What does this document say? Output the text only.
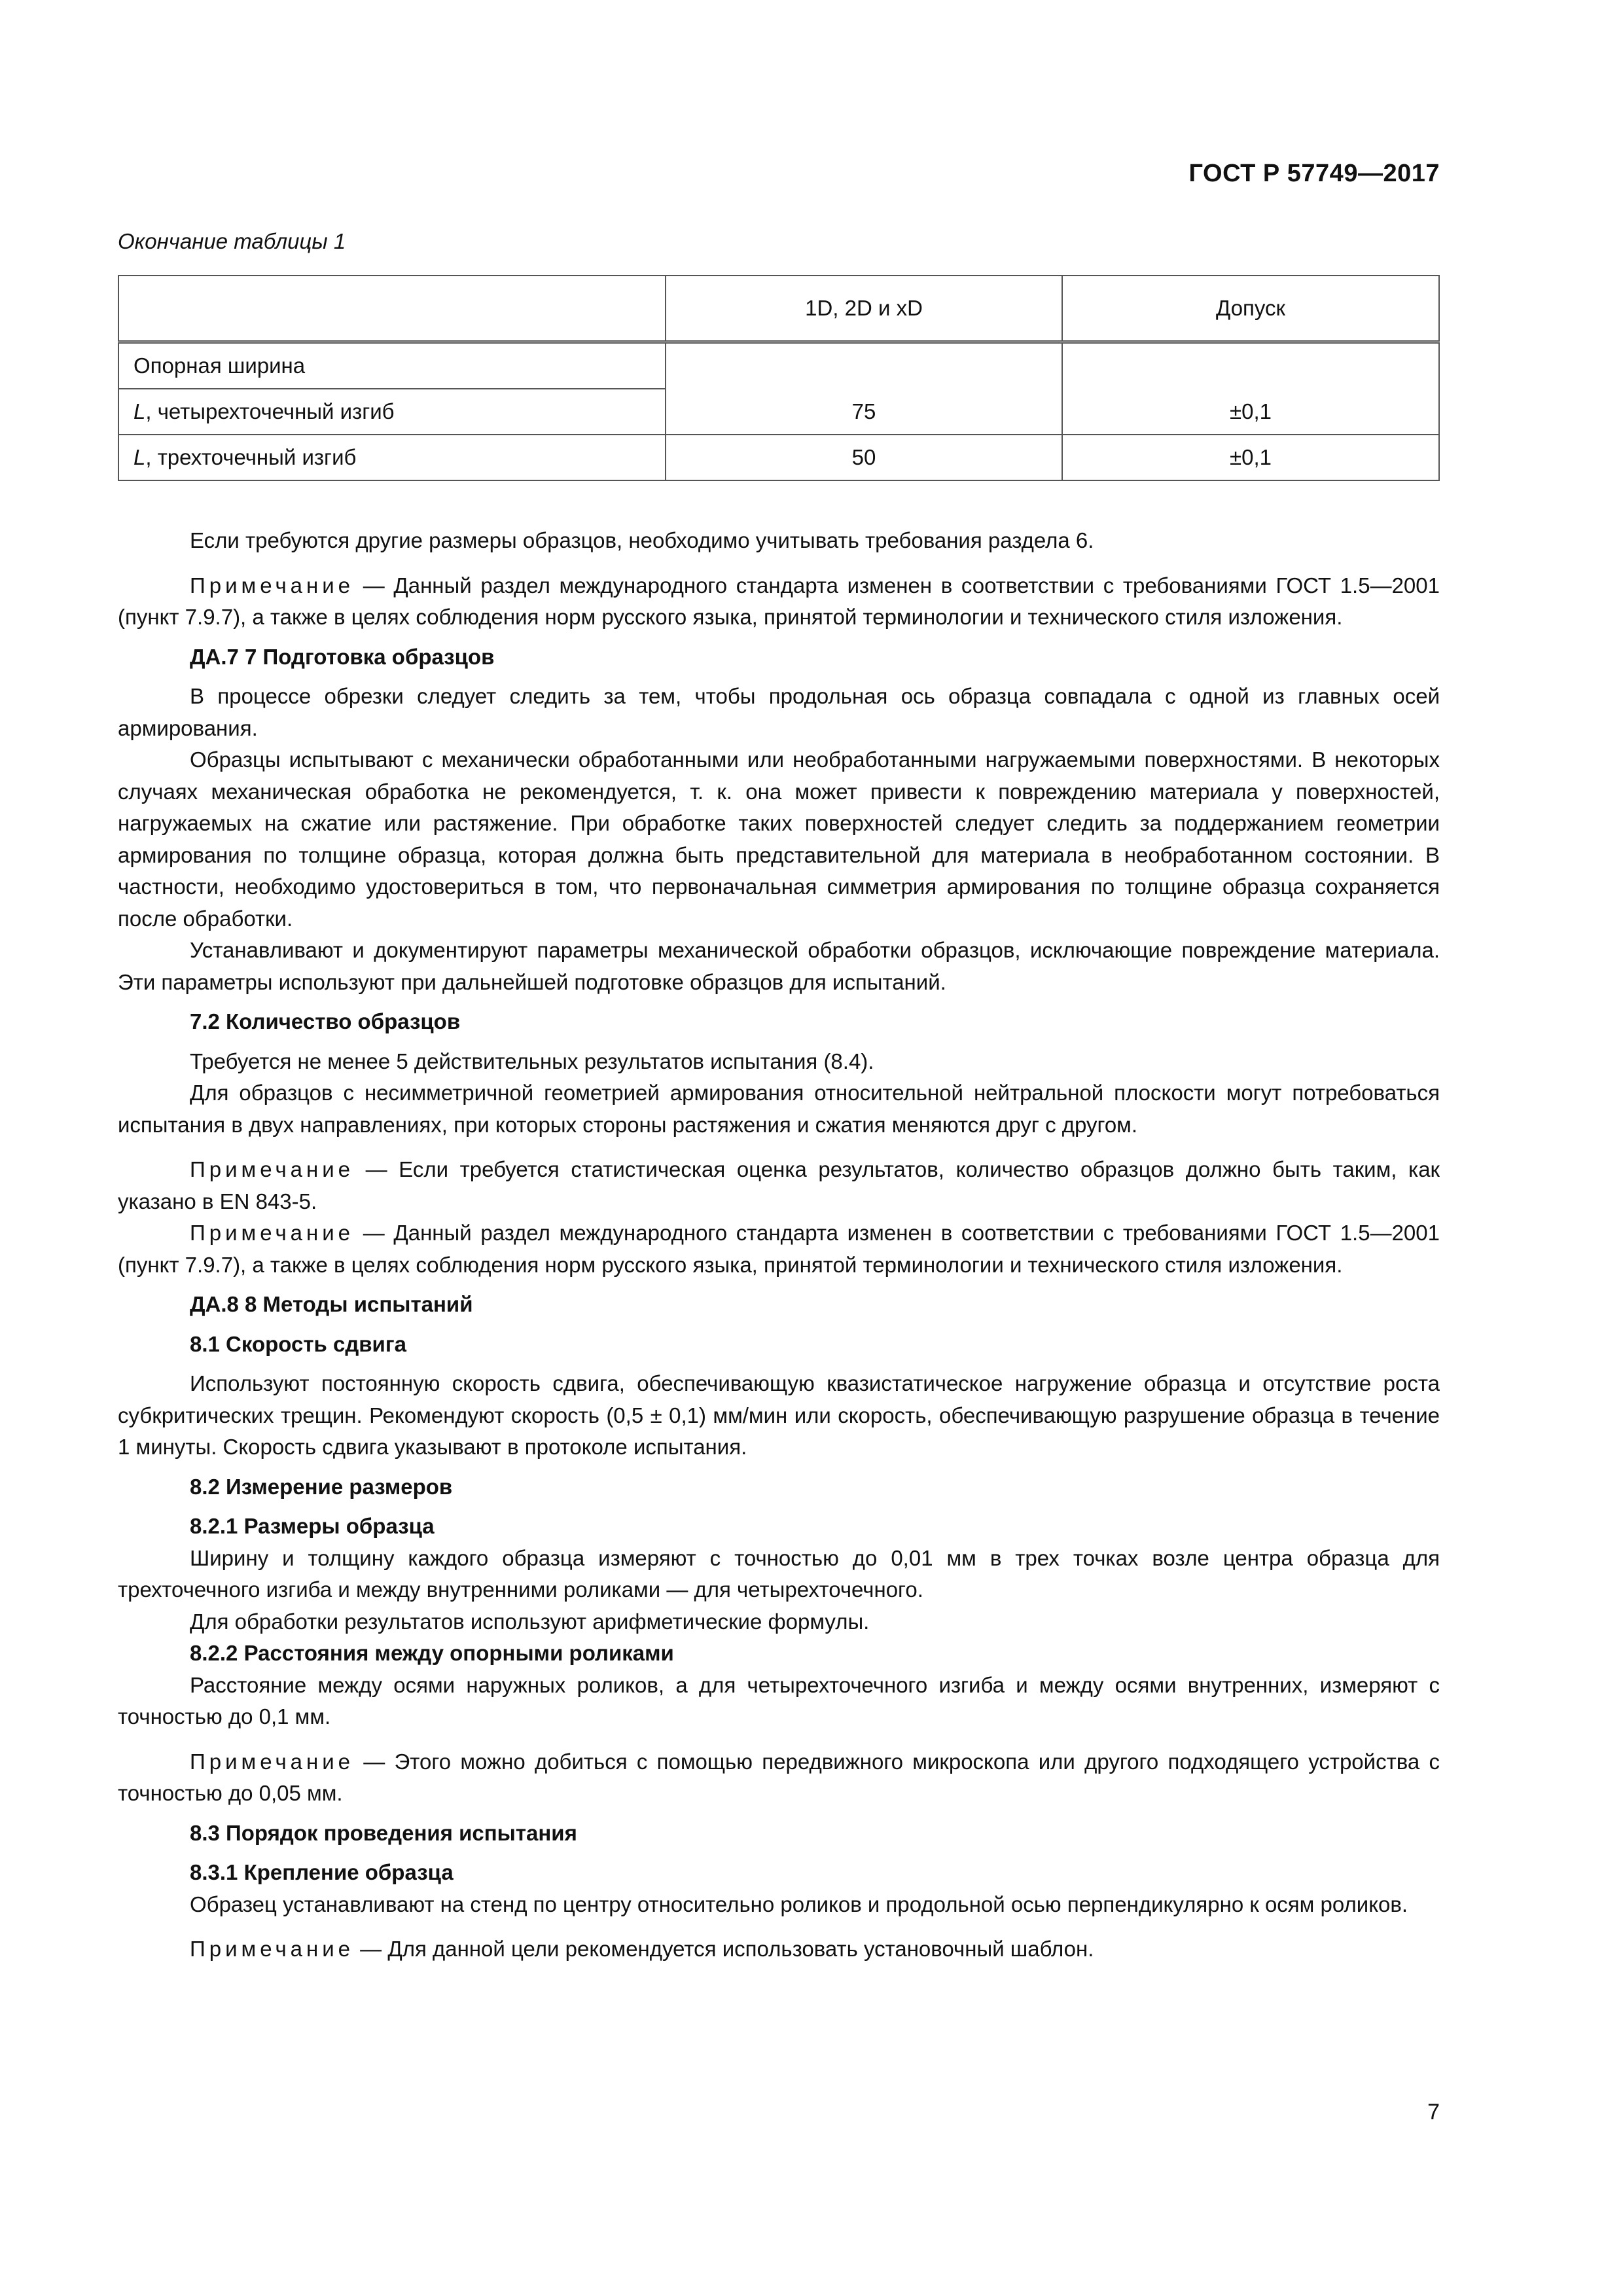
ГОСТ Р 57749—2017
Окончание таблицы 1
	1D, 2D и xD	Допуск
Опорная ширина		
L, четырехточечный изгиб	75	±0,1
L, трехточечный изгиб	50	±0,1

Если требуются другие размеры образцов, необходимо учитывать требования раздела 6.

Примечание — Данный раздел международного стандарта изменен в соответствии с требованиями ГОСТ 1.5—2001 (пункт 7.9.7), а также в целях соблюдения норм русского языка, принятой терминологии и технического стиля изложения.

ДА.7 7 Подготовка образцов

В процессе обрезки следует следить за тем, чтобы продольная ось образца совпадала с одной из главных осей армирования.

Образцы испытывают с механически обработанными или необработанными нагружаемыми поверхностями. В некоторых случаях механическая обработка не рекомендуется, т. к. она может привести к повреждению материала у поверхностей, нагружаемых на сжатие или растяжение. При обработке таких поверхностей следует следить за поддержанием геометрии армирования по толщине образца, которая должна быть представительной для материала в необработанном состоянии. В частности, необходимо удостовериться в том, что первоначальная симметрия армирования по толщине образца сохраняется после обработки.

Устанавливают и документируют параметры механической обработки образцов, исключающие повреждение материала. Эти параметры используют при дальнейшей подготовке образцов для испытаний.

7.2 Количество образцов

Требуется не менее 5 действительных результатов испытания (8.4).

Для образцов с несимметричной геометрией армирования относительной нейтральной плоскости могут потребоваться испытания в двух направлениях, при которых стороны растяжения и сжатия меняются друг с другом.

Примечание — Если требуется статистическая оценка результатов, количество образцов должно быть таким, как указано в EN 843-5.

Примечание — Данный раздел международного стандарта изменен в соответствии с требованиями ГОСТ 1.5—2001 (пункт 7.9.7), а также в целях соблюдения норм русского языка, принятой терминологии и технического стиля изложения.

ДА.8 8 Методы испытаний

8.1 Скорость сдвига

Используют постоянную скорость сдвига, обеспечивающую квазистатическое нагружение образца и отсутствие роста субкритических трещин. Рекомендуют скорость (0,5 ± 0,1) мм/мин или скорость, обеспечивающую разрушение образца в течение 1 минуты. Скорость сдвига указывают в протоколе испытания.

8.2 Измерение размеров

8.2.1 Размеры образца

Ширину и толщину каждого образца измеряют с точностью до 0,01 мм в трех точках возле центра образца для трехточечного изгиба и между внутренними роликами — для четырехточечного.

Для обработки результатов используют арифметические формулы.

8.2.2 Расстояния между опорными роликами

Расстояние между осями наружных роликов, а для четырехточечного изгиба и между осями внутренних, измеряют с точностью до 0,1 мм.

Примечание — Этого можно добиться с помощью передвижного микроскопа или другого подходящего устройства с точностью до 0,05 мм.

8.3 Порядок проведения испытания

8.3.1 Крепление образца

Образец устанавливают на стенд по центру относительно роликов и продольной осью перпендикулярно к осям роликов.

Примечание — Для данной цели рекомендуется использовать установочный шаблон.

7
